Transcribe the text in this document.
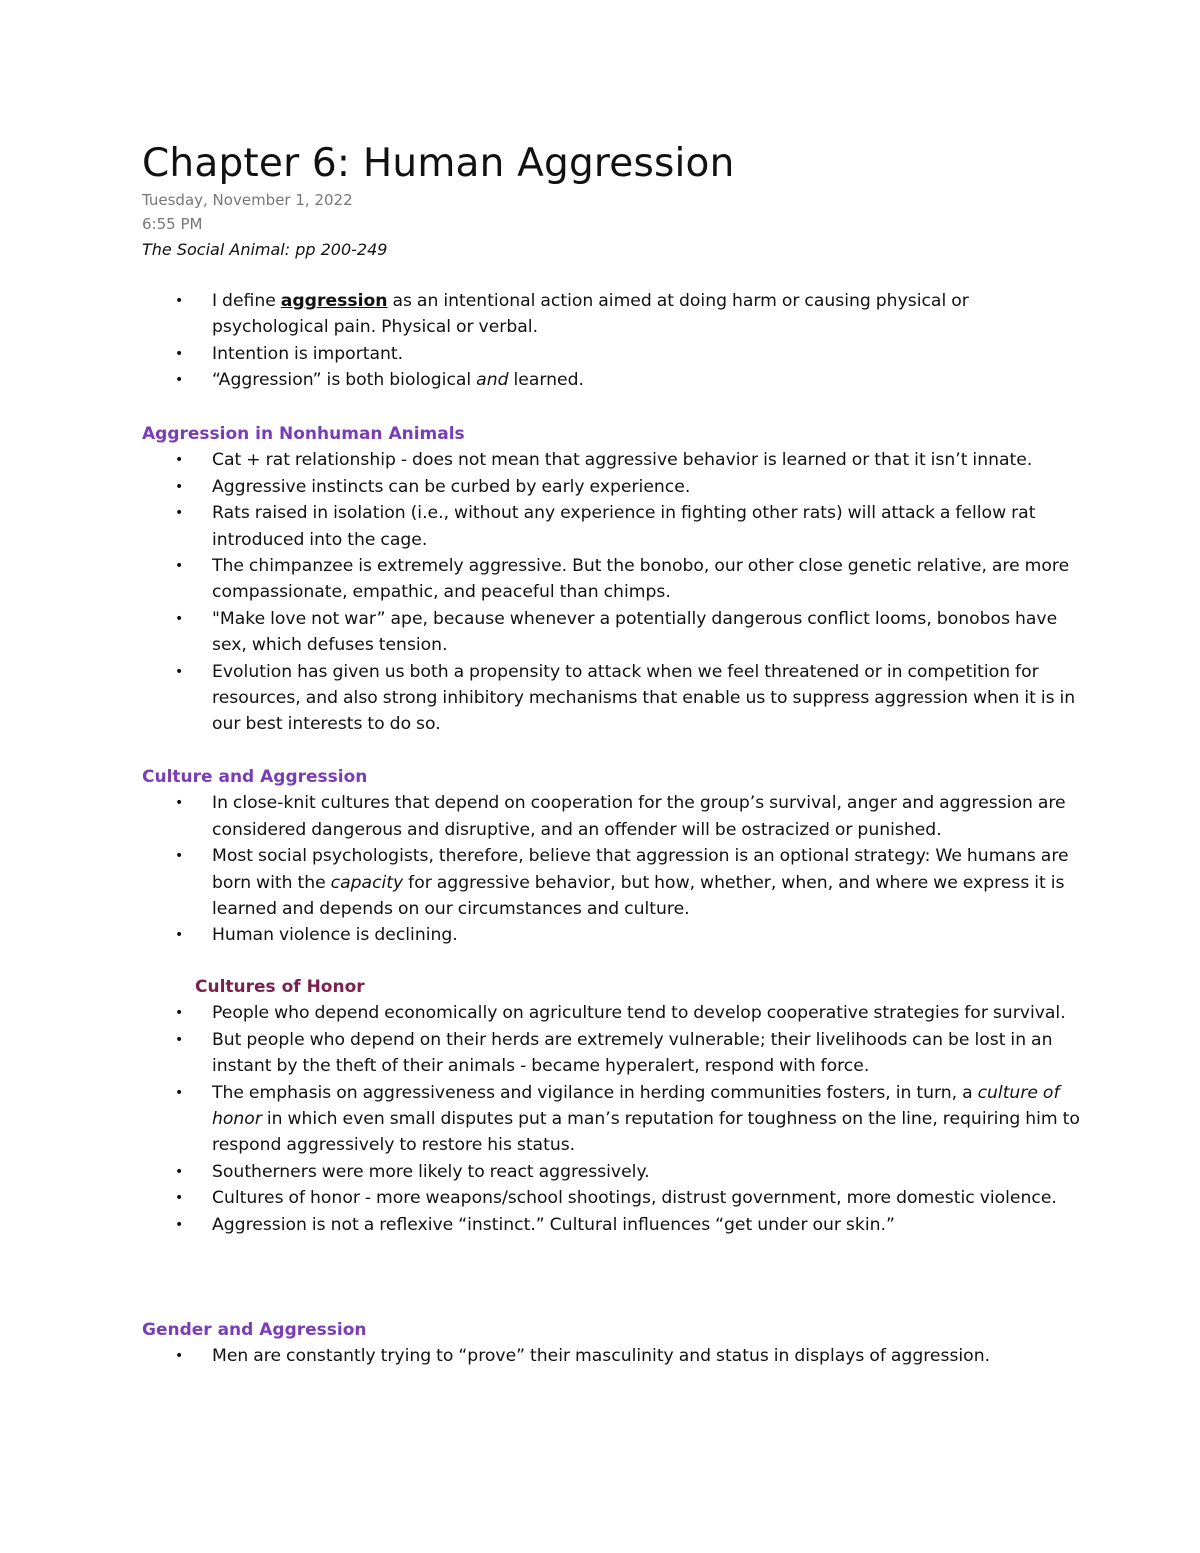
Chapter 6: Human Aggression
Tuesday, November 1, 2022
6:55 PM
The Social Animal: pp 200-249
• I define aggression as an intentional action aimed at doing harm or causing physical or psychological pain. Physical or verbal.
• Intention is important.
• “Aggression” is both biological and learned.
Aggression in Nonhuman Animals
• Cat + rat relationship - does not mean that aggressive behavior is learned or that it isn’t innate.
• Aggressive instincts can be curbed by early experience.
• Rats raised in isolation (i.e., without any experience in fighting other rats) will attack a fellow rat introduced into the cage.
• The chimpanzee is extremely aggressive. But the bonobo, our other close genetic relative, are more compassionate, empathic, and peaceful than chimps.
• "Make love not war” ape, because whenever a potentially dangerous conflict looms, bonobos have sex, which defuses tension.
• Evolution has given us both a propensity to attack when we feel threatened or in competition for resources, and also strong inhibitory mechanisms that enable us to suppress aggression when it is in our best interests to do so.
Culture and Aggression
• In close-knit cultures that depend on cooperation for the group’s survival, anger and aggression are considered dangerous and disruptive, and an offender will be ostracized or punished.
• Most social psychologists, therefore, believe that aggression is an optional strategy: We humans are born with the capacity for aggressive behavior, but how, whether, when, and where we express it is learned and depends on our circumstances and culture.
• Human violence is declining.
Cultures of Honor
• People who depend economically on agriculture tend to develop cooperative strategies for survival.
• But people who depend on their herds are extremely vulnerable; their livelihoods can be lost in an instant by the theft of their animals - became hyperalert, respond with force.
• The emphasis on aggressiveness and vigilance in herding communities fosters, in turn, a culture of honor in which even small disputes put a man’s reputation for toughness on the line, requiring him to respond aggressively to restore his status.
• Southerners were more likely to react aggressively.
• Cultures of honor - more weapons/school shootings, distrust government, more domestic violence.
• Aggression is not a reflexive “instinct.” Cultural influences “get under our skin.”
Gender and Aggression
• Men are constantly trying to “prove” their masculinity and status in displays of aggression.
